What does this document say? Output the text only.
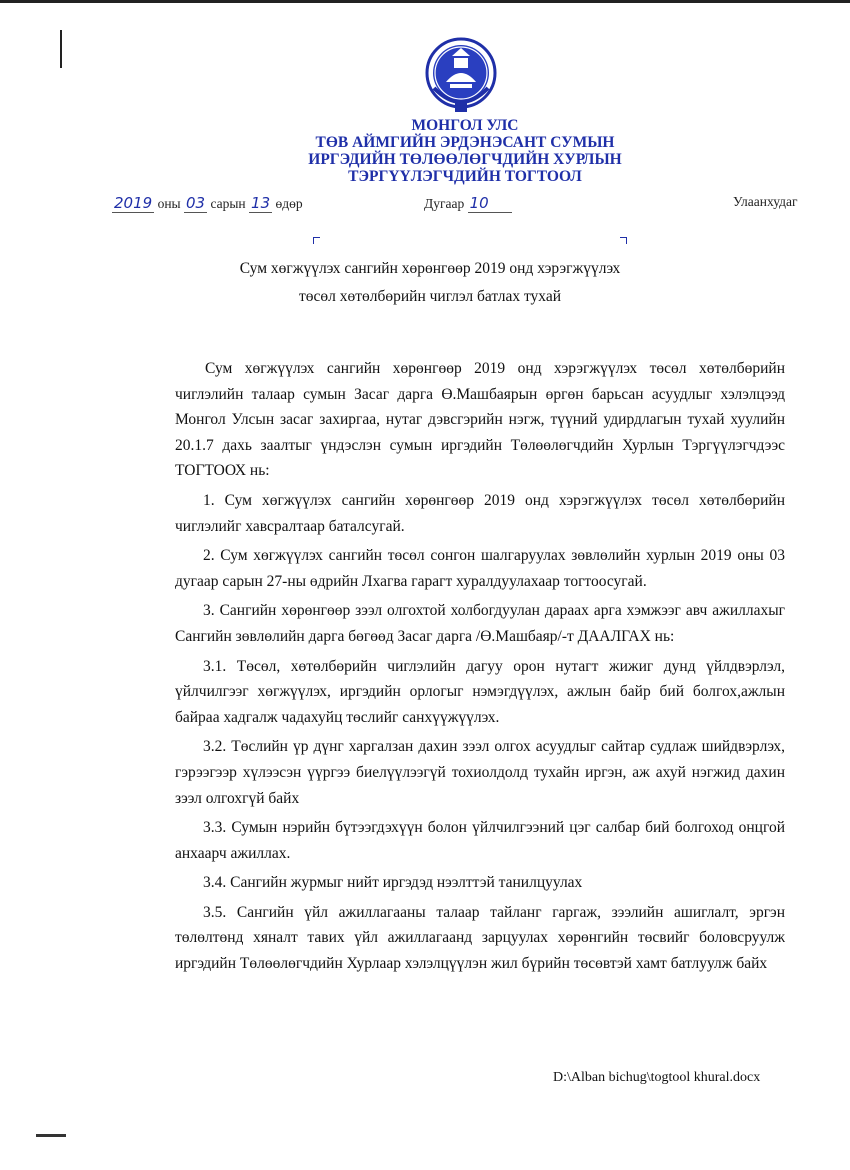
МОНГОЛ УЛС
ТӨВ АЙМГИЙН ЭРДЭНЭСАНТ СУМЫН
ИРГЭДИЙН ТӨЛӨӨЛӨГЧДИЙН ХУРЛЫН
ТЭРГҮҮЛЭГЧДИЙН ТОГТООЛ
2019 оны 03 сарын 13 өдөр	Дугаар 10	Улаанхудаг
Сум хөгжүүлэх сангийн хөрөнгөөр 2019 онд хэрэгжүүлэх
төсөл хөтөлбөрийн чиглэл батлах тухай

Сум хөгжүүлэх сангийн хөрөнгөөр 2019 онд хэрэгжүүлэх төсөл хөтөлбөрийн чиглэлийн талаар сумын Засаг дарга Ө.Машбаярын өргөн барьсан асуудлыг хэлэлцээд Монгол Улсын засаг захиргаа, нутаг дэвсгэрийн нэгж, түүний удирдлагын тухай хуулийн 20.1.7 дахь заалтыг үндэслэн сумын иргэдийн Төлөөлөгчдийн Хурлын Тэргүүлэгчдээс ТОГТООХ нь:

1. Сум хөгжүүлэх сангийн хөрөнгөөр 2019 онд хэрэгжүүлэх төсөл хөтөлбөрийн чиглэлийг хавсралтаар баталсугай.

2. Сум хөгжүүлэх сангийн төсөл сонгон шалгаруулах зөвлөлийн хурлын 2019 оны 03 дугаар сарын 27-ны өдрийн Лхагва гарагт хуралдуулахаар тогтоосугай.

3. Сангийн хөрөнгөөр зээл олгохтой холбогдуулан дараах арга хэмжээг авч ажиллахыг Сангийн зөвлөлийн дарга бөгөөд Засаг дарга /Ө.Машбаяр/-т ДААЛГАХ нь:

3.1. Төсөл, хөтөлбөрийн чиглэлийн дагуу орон нутагт жижиг дунд үйлдвэрлэл, үйлчилгээг хөгжүүлэх, иргэдийн орлогыг нэмэгдүүлэх, ажлын байр бий болгох,ажлын байраа хадгалж чадахуйц төслийг санхүүжүүлэх.

3.2. Төслийн үр дүнг харгалзан дахин зээл олгох асуудлыг сайтар судлаж шийдвэрлэх, гэрээгээр хүлээсэн үүргээ биелүүлээгүй тохиолдолд тухайн иргэн, аж ахуй нэгжид дахин зээл олгохгүй байх

3.3. Сумын нэрийн бүтээгдэхүүн болон үйлчилгээний цэг салбар бий болгоход онцгой анхаарч ажиллах.

3.4. Сангийн журмыг нийт иргэдэд нээлттэй танилцуулах

3.5. Сангийн үйл ажиллагааны талаар тайланг гаргаж, зээлийн ашиглалт, эргэн төлөлтөнд хяналт тавих үйл ажиллагаанд зарцуулах хөрөнгийн төсвийг боловсруулж иргэдийн Төлөөлөгчдийн Хурлаар хэлэлцүүлэн жил бүрийн төсөвтэй хамт батлуулж байх

D:\Alban bichug\togtool khural.docx
